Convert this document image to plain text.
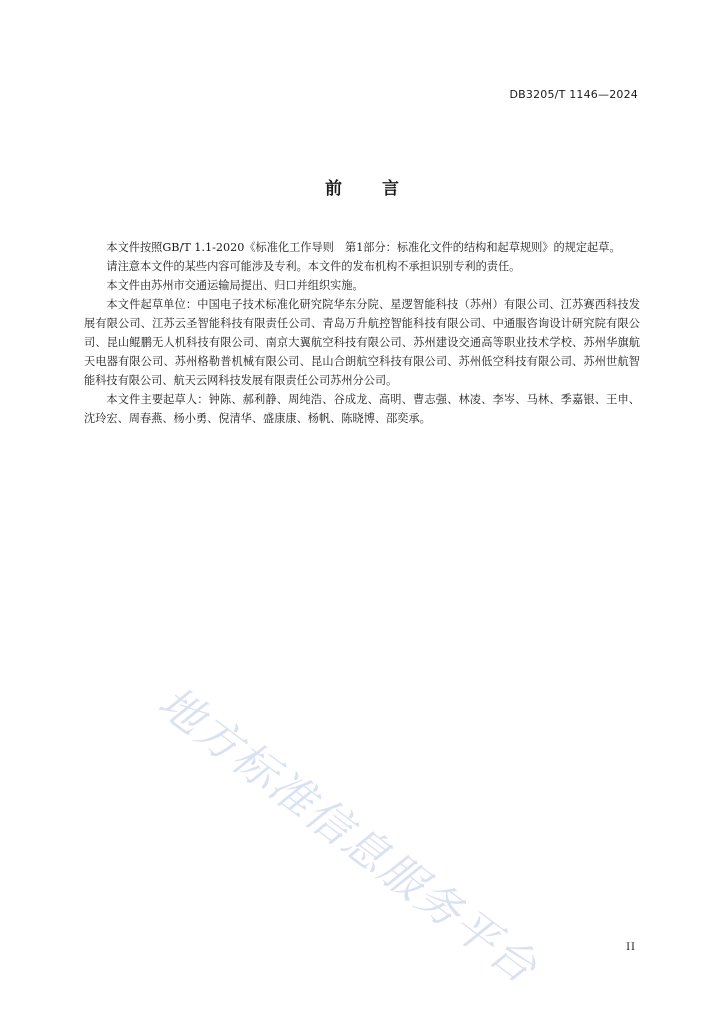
DB3205/T 1146—2024
前 言

本文件按照GB/T 1.1-2020《标准化工作导则　第1部分：标准化文件的结构和起草规则》的规定起草。

请注意本文件的某些内容可能涉及专利。本文件的发布机构不承担识别专利的责任。

本文件由苏州市交通运输局提出、归口并组织实施。

本文件起草单位：中国电子技术标准化研究院华东分院、星逻智能科技（苏州）有限公司、江苏赛西科技发展有限公司、江苏云圣智能科技有限责任公司、青岛万升航控智能科技有限公司、中通服咨询设计研究院有限公司、昆山鲲鹏无人机科技有限公司、南京大翼航空科技有限公司、苏州建设交通高等职业技术学校、苏州华旗航天电器有限公司、苏州格勒普机械有限公司、昆山合朗航空科技有限公司、苏州低空科技有限公司、苏州世航智能科技有限公司、航天云网科技发展有限责任公司苏州分公司。

本文件主要起草人：钟陈、郝利静、周纯浩、谷成龙、高明、曹志强、林凌、李岑、马林、季嘉银、王申、沈玲宏、周春燕、杨小勇、倪清华、盛康康、杨帆、陈晓博、邵奕承。

地方标准信息服务平台	II
